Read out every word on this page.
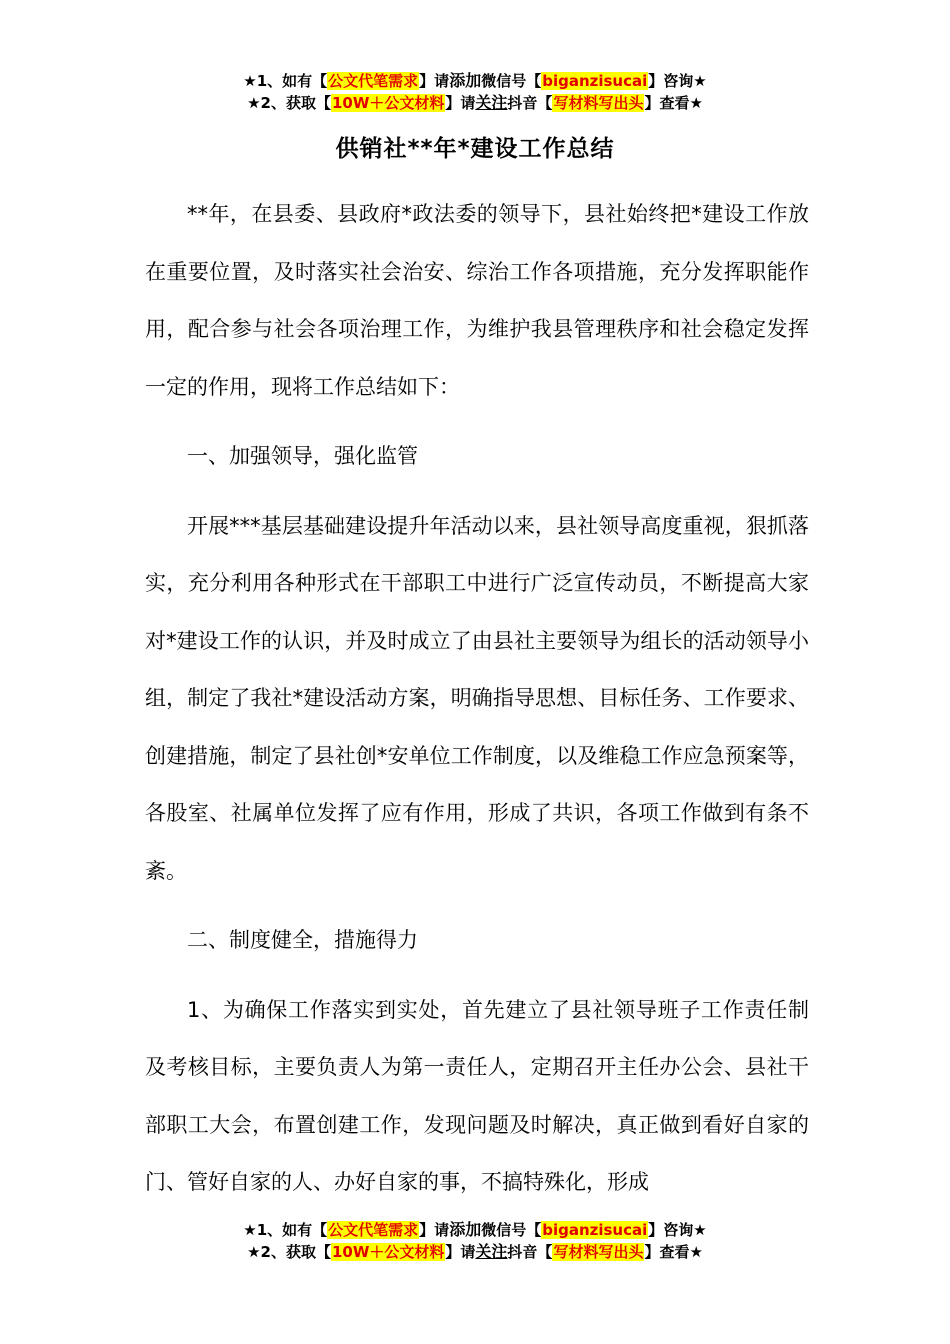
★1、如有【公文代笔需求】请添加微信号【biganzisucai】咨询★
★2、获取【10W＋公文材料】请关注抖音【写材料写出头】查看★
供销社**年*建设工作总结

**年，在县委、县政府*政法委的领导下，县社始终把*建设工作放在重要位置，及时落实社会治安、综治工作各项措施，充分发挥职能作用，配合参与社会各项治理工作，为维护我县管理秩序和社会稳定发挥一定的作用，现将工作总结如下：

一、加强领导，强化监管

开展***基层基础建设提升年活动以来，县社领导高度重视，狠抓落实，充分利用各种形式在干部职工中进行广泛宣传动员，不断提高大家对*建设工作的认识，并及时成立了由县社主要领导为组长的活动领导小组，制定了我社*建设活动方案，明确指导思想、目标任务、工作要求、创建措施，制定了县社创*安单位工作制度，以及维稳工作应急预案等，各股室、社属单位发挥了应有作用，形成了共识，各项工作做到有条不紊。

二、制度健全，措施得力

1、为确保工作落实到实处，首先建立了县社领导班子工作责任制及考核目标，主要负责人为第一责任人，定期召开主任办公会、县社干部职工大会，布置创建工作，发现问题及时解决，真正做到看好自家的门、管好自家的人、办好自家的事，不搞特殊化，形成

★1、如有【公文代笔需求】请添加微信号【biganzisucai】咨询★
★2、获取【10W＋公文材料】请关注抖音【写材料写出头】查看★
